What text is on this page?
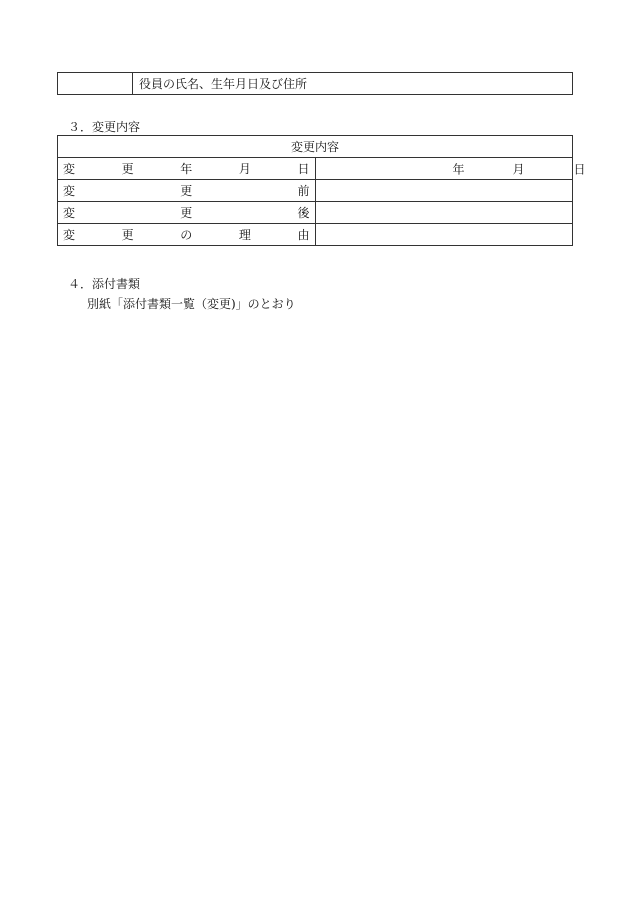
	役員の氏名、生年月日及び住所
３．変更内容
変更内容	

変 更 年 月 日	年 月 日

変 更 前	

変 更 後	

変 更 の 理 由	

４．添付書類
別紙「添付書類一覧（変更)」のとおり
